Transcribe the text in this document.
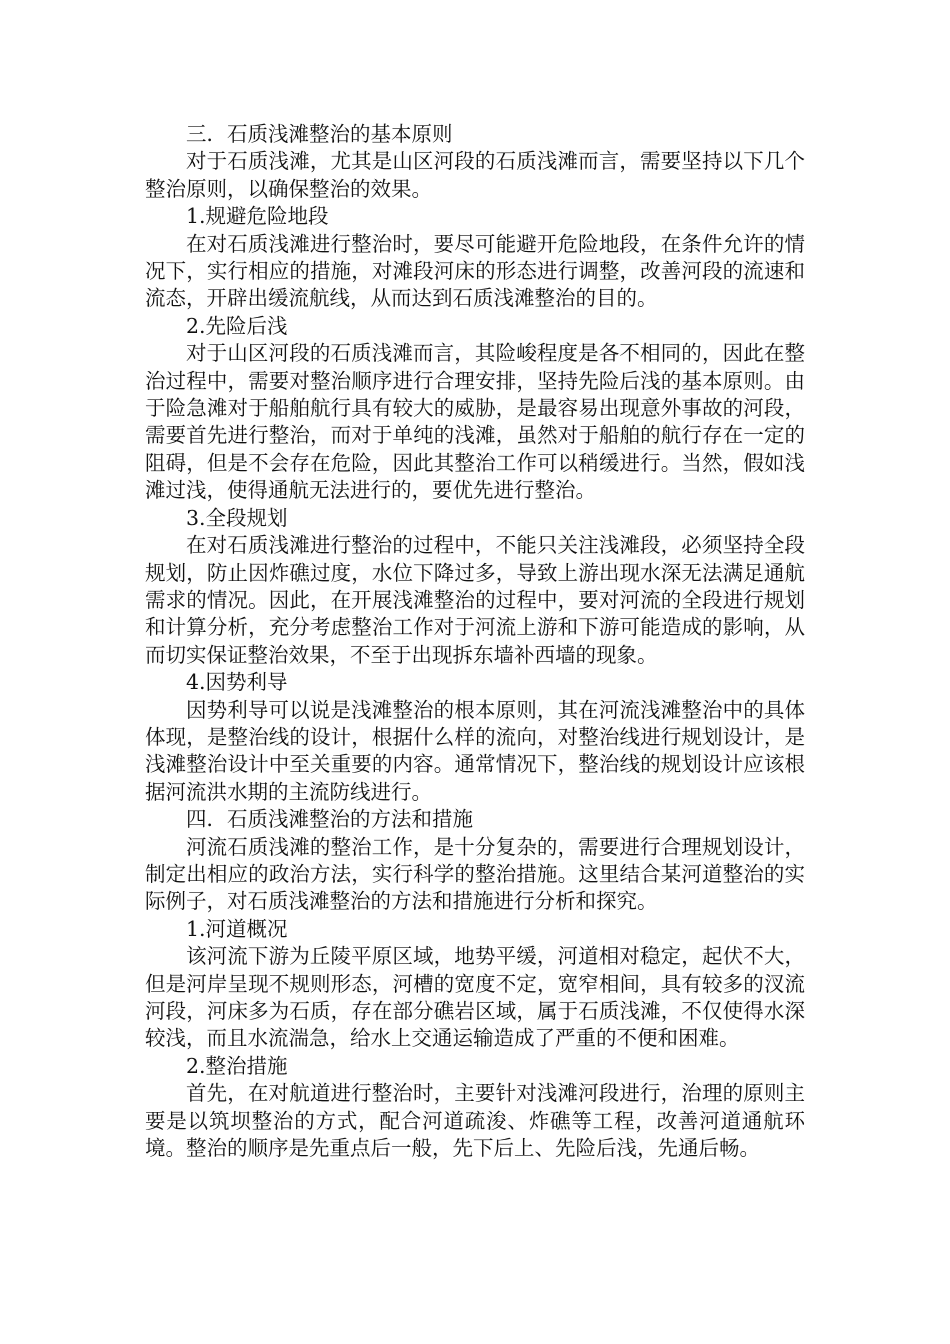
三．石质浅滩整治的基本原则

对于石质浅滩，尤其是山区河段的石质浅滩而言，需要坚持以下几个整治原则，以确保整治的效果。

1.规避危险地段

在对石质浅滩进行整治时，要尽可能避开危险地段，在条件允许的情况下，实行相应的措施，对滩段河床的形态进行调整，改善河段的流速和流态，开辟出缓流航线，从而达到石质浅滩整治的目的。

2.先险后浅

对于山区河段的石质浅滩而言，其险峻程度是各不相同的，因此在整治过程中，需要对整治顺序进行合理安排，坚持先险后浅的基本原则。由于险急滩对于船舶航行具有较大的威胁，是最容易出现意外事故的河段，需要首先进行整治，而对于单纯的浅滩，虽然对于船舶的航行存在一定的阻碍，但是不会存在危险，因此其整治工作可以稍缓进行。当然，假如浅滩过浅，使得通航无法进行的，要优先进行整治。

3.全段规划

在对石质浅滩进行整治的过程中，不能只关注浅滩段，必须坚持全段规划，防止因炸礁过度，水位下降过多，导致上游出现水深无法满足通航需求的情况。因此，在开展浅滩整治的过程中，要对河流的全段进行规划和计算分析，充分考虑整治工作对于河流上游和下游可能造成的影响，从而切实保证整治效果，不至于出现拆东墙补西墙的现象。

4.因势利导

因势利导可以说是浅滩整治的根本原则，其在河流浅滩整治中的具体体现，是整治线的设计，根据什么样的流向，对整治线进行规划设计，是浅滩整治设计中至关重要的内容。通常情况下，整治线的规划设计应该根据河流洪水期的主流防线进行。

四．石质浅滩整治的方法和措施

河流石质浅滩的整治工作，是十分复杂的，需要进行合理规划设计，制定出相应的政治方法，实行科学的整治措施。这里结合某河道整治的实际例子，对石质浅滩整治的方法和措施进行分析和探究。

1.河道概况

该河流下游为丘陵平原区域，地势平缓，河道相对稳定，起伏不大，但是河岸呈现不规则形态，河槽的宽度不定，宽窄相间，具有较多的汊流河段，河床多为石质，存在部分礁岩区域，属于石质浅滩，不仅使得水深较浅，而且水流湍急，给水上交通运输造成了严重的不便和困难。

2.整治措施

首先，在对航道进行整治时，主要针对浅滩河段进行，治理的原则主要是以筑坝整治的方式，配合河道疏浚、炸礁等工程，改善河道通航环境。整治的顺序是先重点后一般，先下后上、先险后浅，先通后畅。
